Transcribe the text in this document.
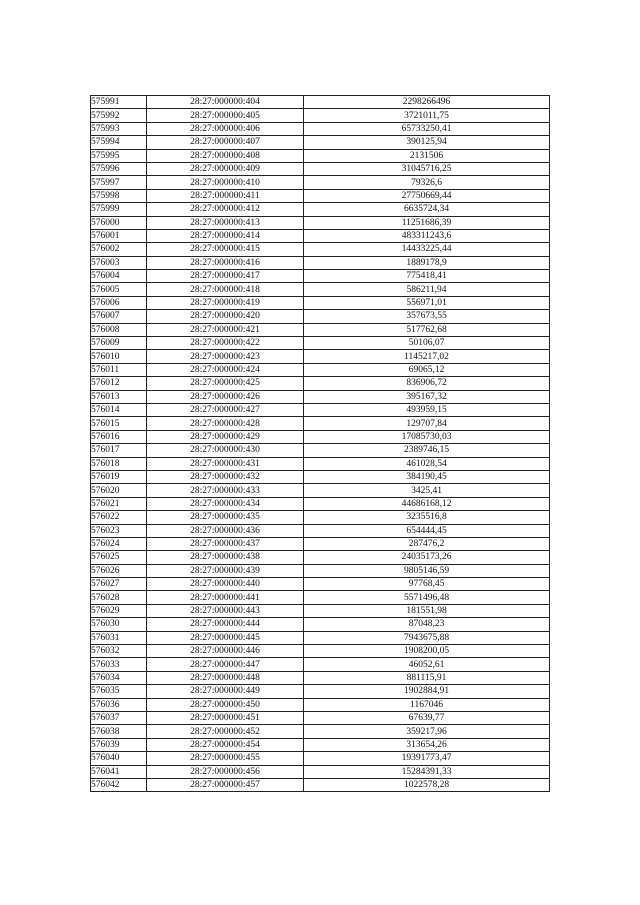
575991	28:27:000000:404	2298266496
575992	28:27:000000:405	3721011,75
575993	28:27:000000:406	65733250,41
575994	28:27:000000:407	390125,94
575995	28:27:000000:408	2131506
575996	28:27:000000:409	31045716,25
575997	28:27:000000:410	79326,6
575998	28:27:000000:411	27750669,44
575999	28:27:000000:412	6635724,34
576000	28:27:000000:413	11251686,39
576001	28:27:000000:414	483311243,6
576002	28:27:000000:415	14433225,44
576003	28:27:000000:416	1889178,9
576004	28:27:000000:417	775418,41
576005	28:27:000000:418	586211,94
576006	28:27:000000:419	556971,01
576007	28:27:000000:420	357673,55
576008	28:27:000000:421	517762,68
576009	28:27:000000:422	50106,07
576010	28:27:000000:423	1145217,02
576011	28:27:000000:424	69065,12
576012	28:27:000000:425	836906,72
576013	28:27:000000:426	395167,32
576014	28:27:000000:427	493959,15
576015	28:27:000000:428	129707,84
576016	28:27:000000:429	17085730,03
576017	28:27:000000:430	2389746,15
576018	28:27:000000:431	461028,54
576019	28:27:000000:432	384190,45
576020	28:27:000000:433	3425,41
576021	28:27:000000:434	44686168,12
576022	28:27:000000:435	3235516,8
576023	28:27:000000:436	654444,45
576024	28:27:000000:437	287476,2
576025	28:27:000000:438	24035173,26
576026	28:27:000000:439	9805146,59
576027	28:27:000000:440	97768,45
576028	28:27:000000:441	5571496,48
576029	28:27:000000:443	181551,98
576030	28:27:000000:444	87048,23
576031	28:27:000000:445	7943675,88
576032	28:27:000000:446	1908200,05
576033	28:27:000000:447	46052,61
576034	28:27:000000:448	881115,91
576035	28:27:000000:449	1902884,91
576036	28:27:000000:450	1167046
576037	28:27:000000:451	67639,77
576038	28:27:000000:452	359217,96
576039	28:27:000000:454	313654,26
576040	28:27:000000:455	19391773,47
576041	28:27:000000:456	15284391,33
576042	28:27:000000:457	1022578,28
